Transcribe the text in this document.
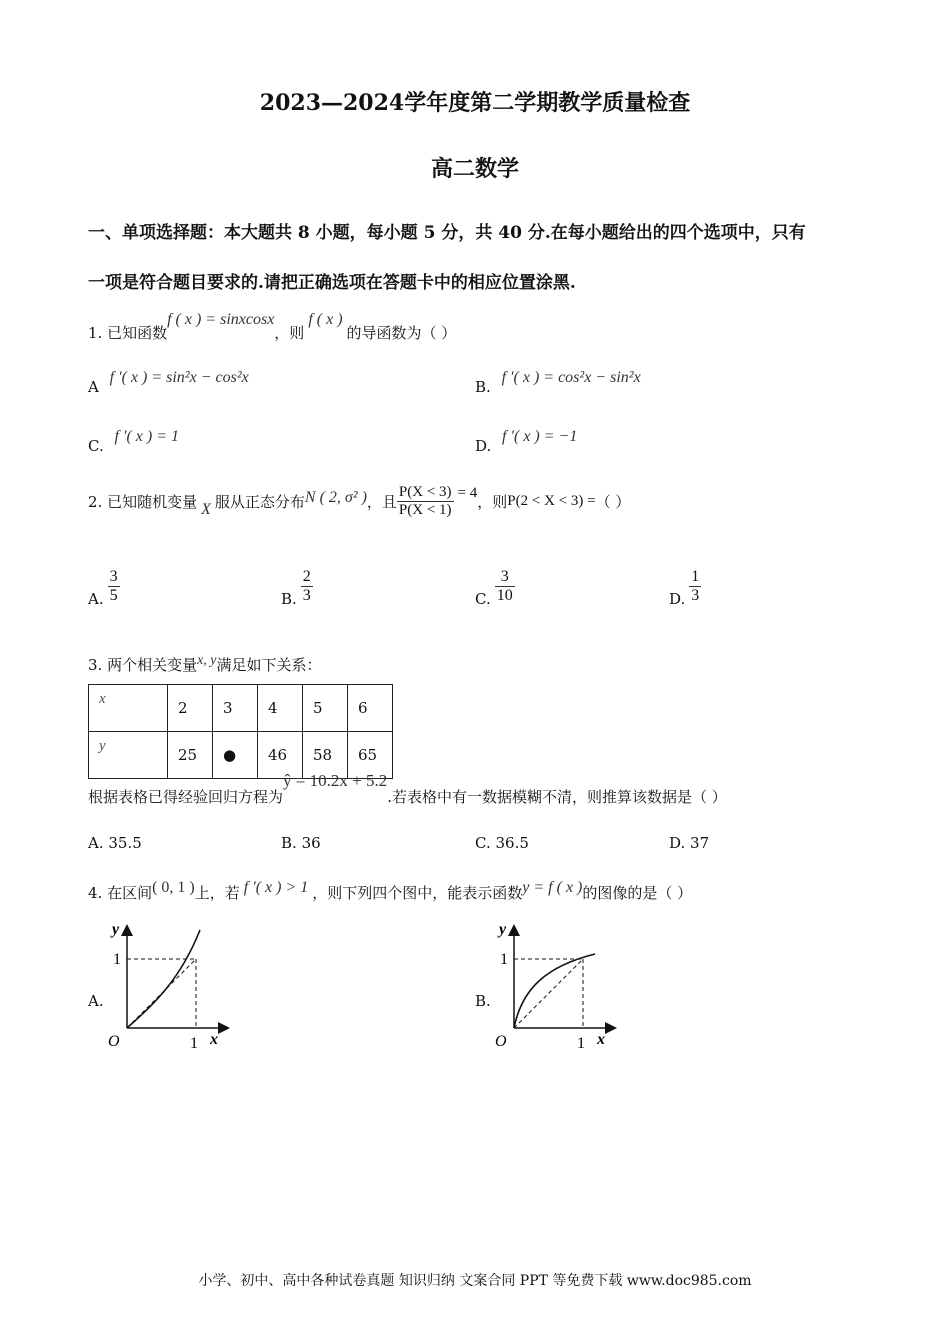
2023—2024学年度第二学期教学质量检查
高二数学
一、单项选择题：本大题共 8 小题，每小题 5 分，共 40 分.在每小题给出的四个选项中，只有
一项是符合题目要求的.请把正确选项在答题卡中的相应位置涂黑.
1. 已知函数f ( x ) = sinxcosx，则f ( x )的导函数为（ ）
A f ′( x ) = sin²x − cos²x
B. f ′( x ) = cos²x − sin²x
C. f ′( x ) = 1
D. f ′( x ) = −1
2. 已知随机变量 X 服从正态分布N ( 2, σ² )，且 $\frac{P(X < 3)}{P(X < 1)} = 4$，则P(2 < X < 3) =（ ）
A. $\frac{3}{5}$	B. $\frac{2}{3}$	C. $\frac{3}{10}$	D. $\frac{1}{3}$
3. 两个相关变量x, y满足如下关系：
x	2	3	4	5	6
y	25	●	46	58	65
根据表格已得经验回归方程为ŷ = 10.2x + 5.2.若表格中有一数据模糊不清，则推算该数据是（ ）
A. 35.5	B. 36	C. 36.5	D. 37
4. 在区间( 0, 1 )上，若 f ′( x ) > 1 ，则下列四个图中，能表示函数y = f ( x )的图像的是（ ）
A.
y
1
O	1 x
B.
y
1
O	1 x
小学、初中、高中各种试卷真题 知识归纳 文案合同 PPT 等免费下载 www.doc985.com
